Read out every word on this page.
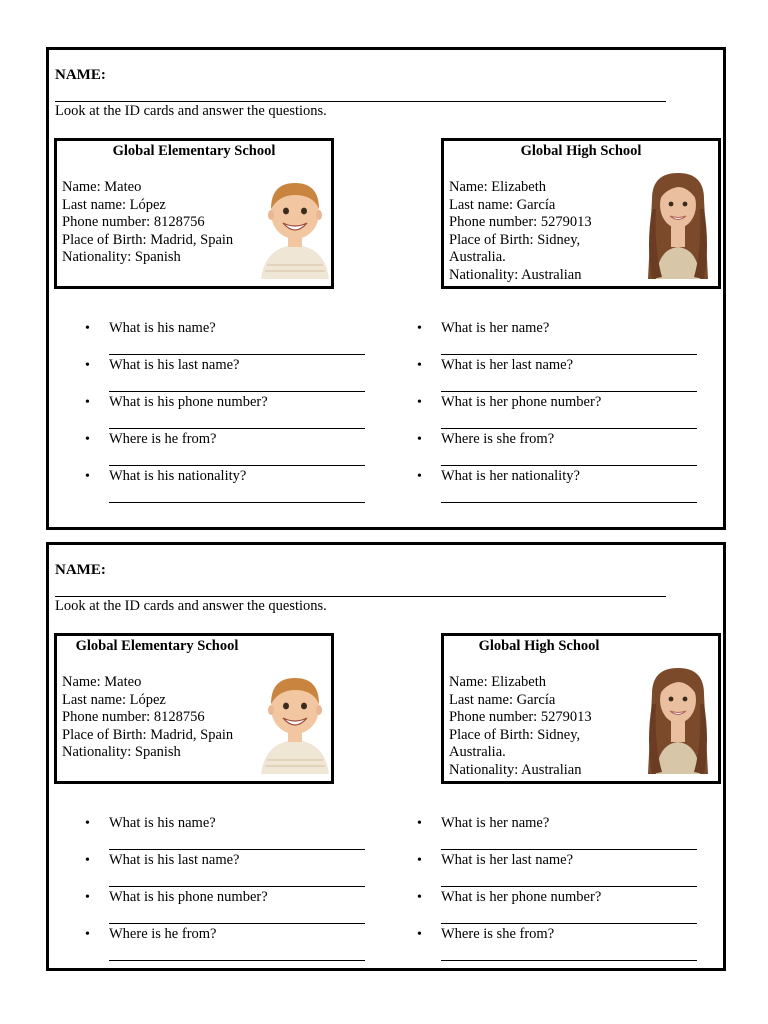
NAME:
Look at the ID cards and answer the questions.
Global Elementary School
Name: Mateo
Last name: López
Phone number: 8128756
Place of Birth: Madrid, Spain
Nationality: Spanish
Global High School
Name: Elizabeth
Last name: García
Phone number: 5279013
Place of Birth: Sidney, Australia.
Nationality: Australian
• What is his name?
• What is his last name?
• What is his phone number?
• Where is he from?
• What is his nationality?
• What is her name?
• What is her last name?
• What is her phone number?
• Where is she from?
• What is her nationality?
NAME:
Look at the ID cards and answer the questions.
Global Elementary School
Name: Mateo
Last name: López
Phone number: 8128756
Place of Birth: Madrid, Spain
Nationality: Spanish
Global High School
Name: Elizabeth
Last name: García
Phone number: 5279013
Place of Birth: Sidney, Australia.
Nationality: Australian
• What is his name?
• What is his last name?
• What is his phone number?
• Where is he from?
• What is her name?
• What is her last name?
• What is her phone number?
• Where is she from?
